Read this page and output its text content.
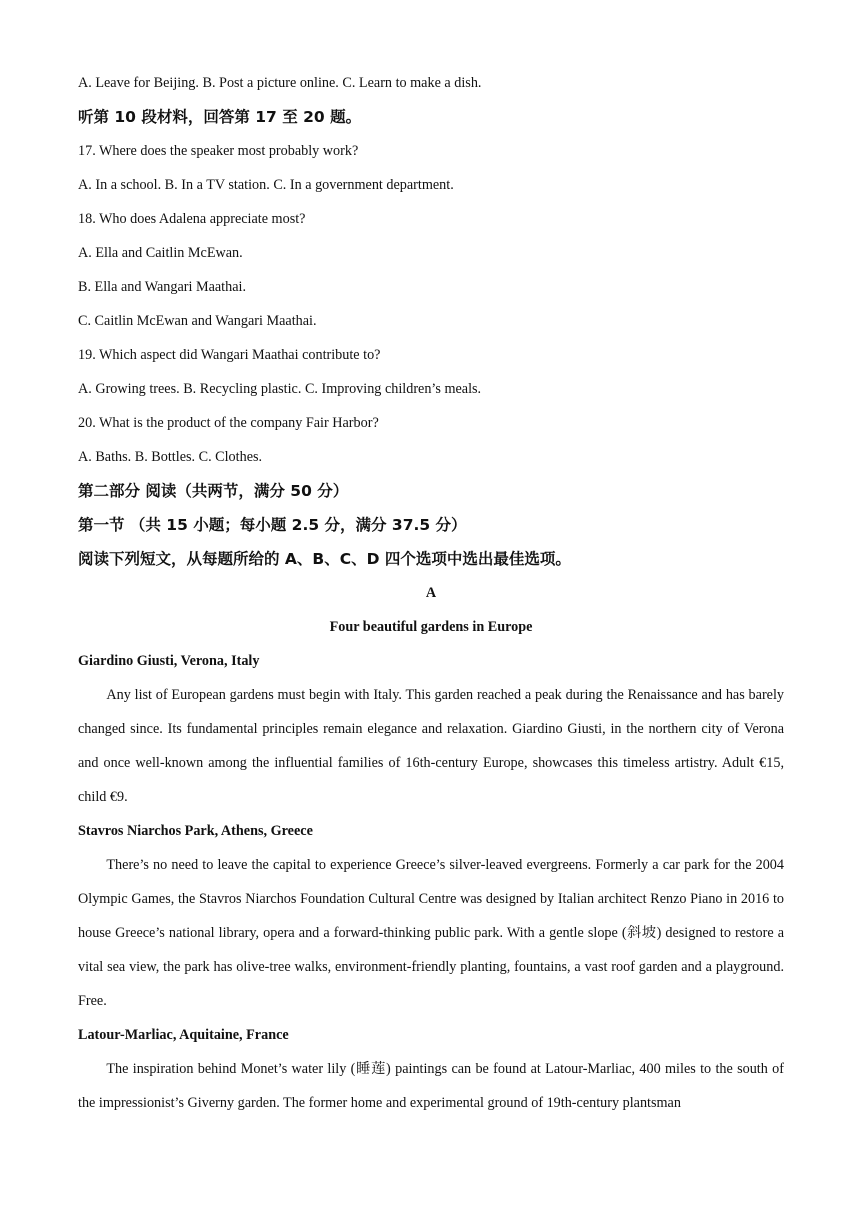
A. Leave for Beijing. B. Post a picture online. C. Learn to make a dish.

听第 10 段材料，回答第 17 至 20 题。

17. Where does the speaker most probably work?

A. In a school. B. In a TV station. C. In a government department.

18. Who does Adalena appreciate most?

A. Ella and Caitlin McEwan.

B. Ella and Wangari Maathai.

C. Caitlin McEwan and Wangari Maathai.

19. Which aspect did Wangari Maathai contribute to?

A. Growing trees. B. Recycling plastic. C. Improving children’s meals.

20. What is the product of the company Fair Harbor?

A. Baths. B. Bottles. C. Clothes.

第二部分 阅读（共两节，满分 50 分）

第一节 （共 15 小题；每小题 2.5 分，满分 37.5 分）

阅读下列短文，从每题所给的 A、B、C、D 四个选项中选出最佳选项。

A

Four beautiful gardens in Europe

Giardino Giusti, Verona, Italy

Any list of European gardens must begin with Italy. This garden reached a peak during the Renaissance and has barely changed since. Its fundamental principles remain elegance and relaxation. Giardino Giusti, in the northern city of Verona and once well-known among the influential families of 16th-century Europe, showcases this timeless artistry. Adult €15, child €9.

Stavros Niarchos Park, Athens, Greece

There’s no need to leave the capital to experience Greece’s silver-leaved evergreens. Formerly a car park for the 2004 Olympic Games, the Stavros Niarchos Foundation Cultural Centre was designed by Italian architect Renzo Piano in 2016 to house Greece’s national library, opera and a forward-thinking public park. With a gentle slope (斜坡) designed to restore a vital sea view, the park has olive-tree walks, environment-friendly planting, fountains, a vast roof garden and a playground. Free.

Latour-Marliac, Aquitaine, France

The inspiration behind Monet’s water lily (睡莲) paintings can be found at Latour-Marliac, 400 miles to the south of the impressionist’s Giverny garden. The former home and experimental ground of 19th-century plantsman
